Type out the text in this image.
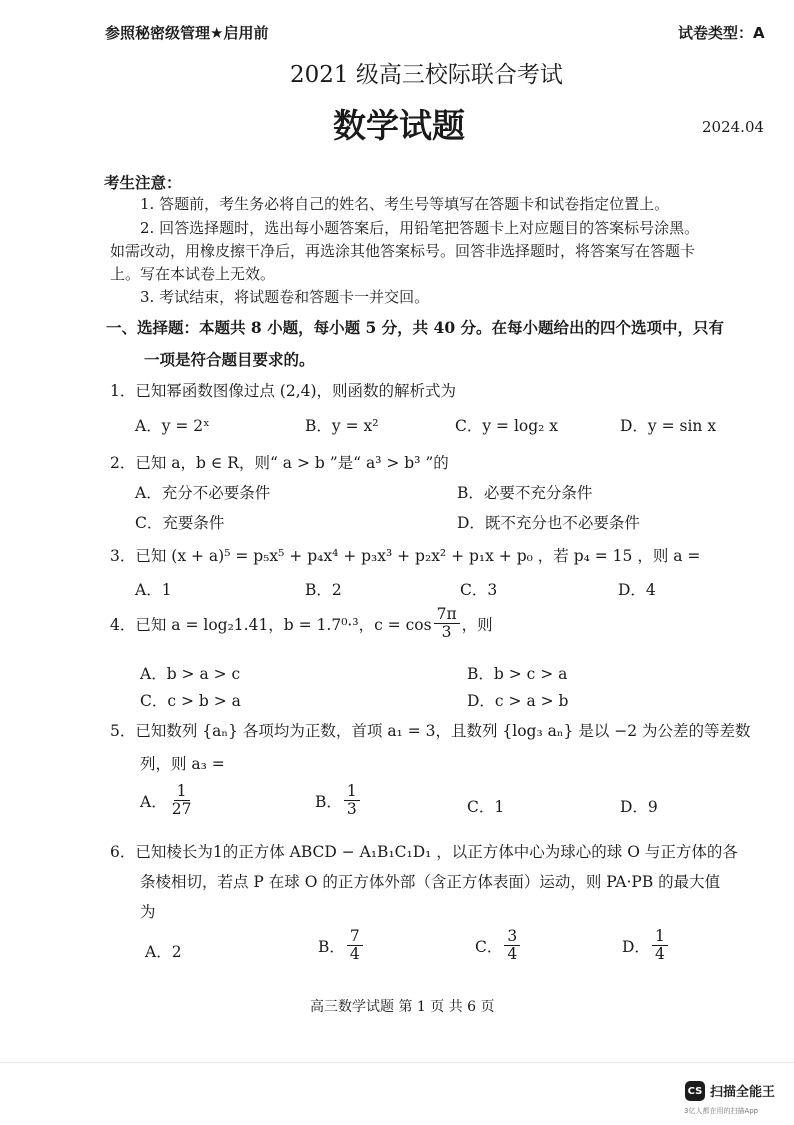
参照秘密级管理★启用前	试卷类型：A
2021 级高三校际联合考试
数学试题	2024.04
考生注意：
1. 答题前，考生务必将自己的姓名、考生号等填写在答题卡和试卷指定位置上。
2. 回答选择题时，选出每小题答案后，用铅笔把答题卡上对应题目的答案标号涂黑。
如需改动，用橡皮擦干净后，再选涂其他答案标号。回答非选择题时，将答案写在答题卡
上。写在本试卷上无效。
3. 考试结束，将试题卷和答题卡一并交回。
一、选择题：本题共 8 小题，每小题 5 分，共 40 分。在每小题给出的四个选项中，只有
一项是符合题目要求的。
1．已知幂函数图像过点 (2,4)，则函数的解析式为
A．y = 2ˣ	B．y = x²	C．y = log₂ x	D．y = sin x
2．已知 a，b ∈ R，则“ a > b ”是“ a³ > b³ ”的
A．充分不必要条件	B．必要不充分条件
C．充要条件	D．既不充分也不必要条件
3．已知 (x + a)⁵ = p₅x⁵ + p₄x⁴ + p₃x³ + p₂x² + p₁x + p₀ ，若 p₄ = 15 ，则 a =
A．1	B．2	C．3	D．4
4．已知 a = log₂1.41，b = 1.7⁰·³，$c = \cos \frac{7\pi}{3}$ ，则
A．b > a > c	B．b > c > a
C．c > b > a	D．c > a > b
5．已知数列 {aₙ} 各项均为正数，首项 a₁ = 3，且数列 {log₃ aₙ} 是以 −2 为公差的等差数
列，则 a₃ =
A． $\frac{1}{27}$	B． $\frac{1}{3}$	C．1	D．9
6．已知棱长为1的正方体 ABCD − A₁B₁C₁D₁ ，以正方体中心为球心的球 O 与正方体的各
条棱相切，若点 P 在球 O 的正方体外部（含正方体表面）运动，则 PA·PB 的最大值
为
A．2	B． $\frac{7}{4}$	C． $\frac{3}{4}$	D． $\frac{1}{4}$
高三数学试题 第 1 页 共 6 页
CS 扫描全能王
3亿人都在用的扫描App
